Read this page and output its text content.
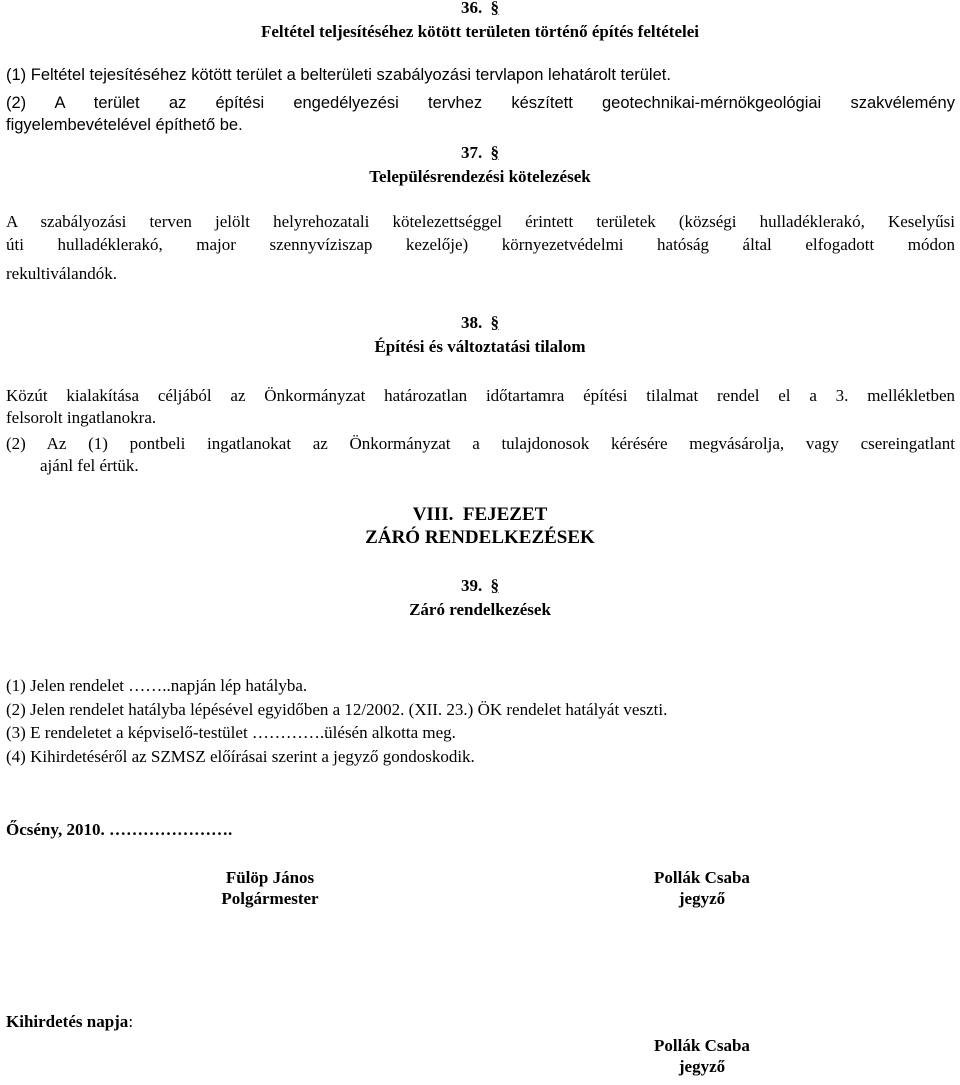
36. §
Feltétel teljesítéséhez kötött területen történő építés feltételei
(1) Feltétel tejesítéséhez kötött terület a belterületi szabályozási tervlapon lehatárolt terület.
(2) A terület az építési engedélyezési tervhez készített geotechnikai-mérnökgeológiai szakvélemény
figyelembevételével építhető be.
37. §
Településrendezési kötelezések
A szabályozási terven jelölt helyrehozatali kötelezettséggel érintett területek (községi hulladéklerakó, Keselyűsi
úti hulladéklerakó, major szennyvíziszap kezelője) környezetvédelmi hatóság által elfogadott módon
rekultiválandók.
38. §
Építési és változtatási tilalom
Közút kialakítása céljából az Önkormányzat határozatlan időtartamra építési tilalmat rendel el a 3. mellékletben
felsorolt ingatlanokra.
(2) Az (1) pontbeli ingatlanokat az Önkormányzat a tulajdonosok kérésére megvásárolja, vagy csereingatlant
ajánl fel értük.
VIII.  FEJEZET
ZÁRÓ RENDELKEZÉSEK
39. §
Záró rendelkezések
(1) Jelen rendelet ……..napján lép hatályba.
(2) Jelen rendelet hatályba lépésével egyidőben a 12/2002. (XII. 23.) ÖK rendelet hatályát veszti.
(3) E rendeletet a képviselő-testület ………….ülésén alkotta meg.
(4) Kihirdetéséről az SZMSZ előírásai szerint a jegyző gondoskodik.
Őcsény, 2010. ………………….
Fülöp János
Polgármester
Pollák Csaba
jegyző
Kihirdetés napja:
Pollák Csaba
jegyző
